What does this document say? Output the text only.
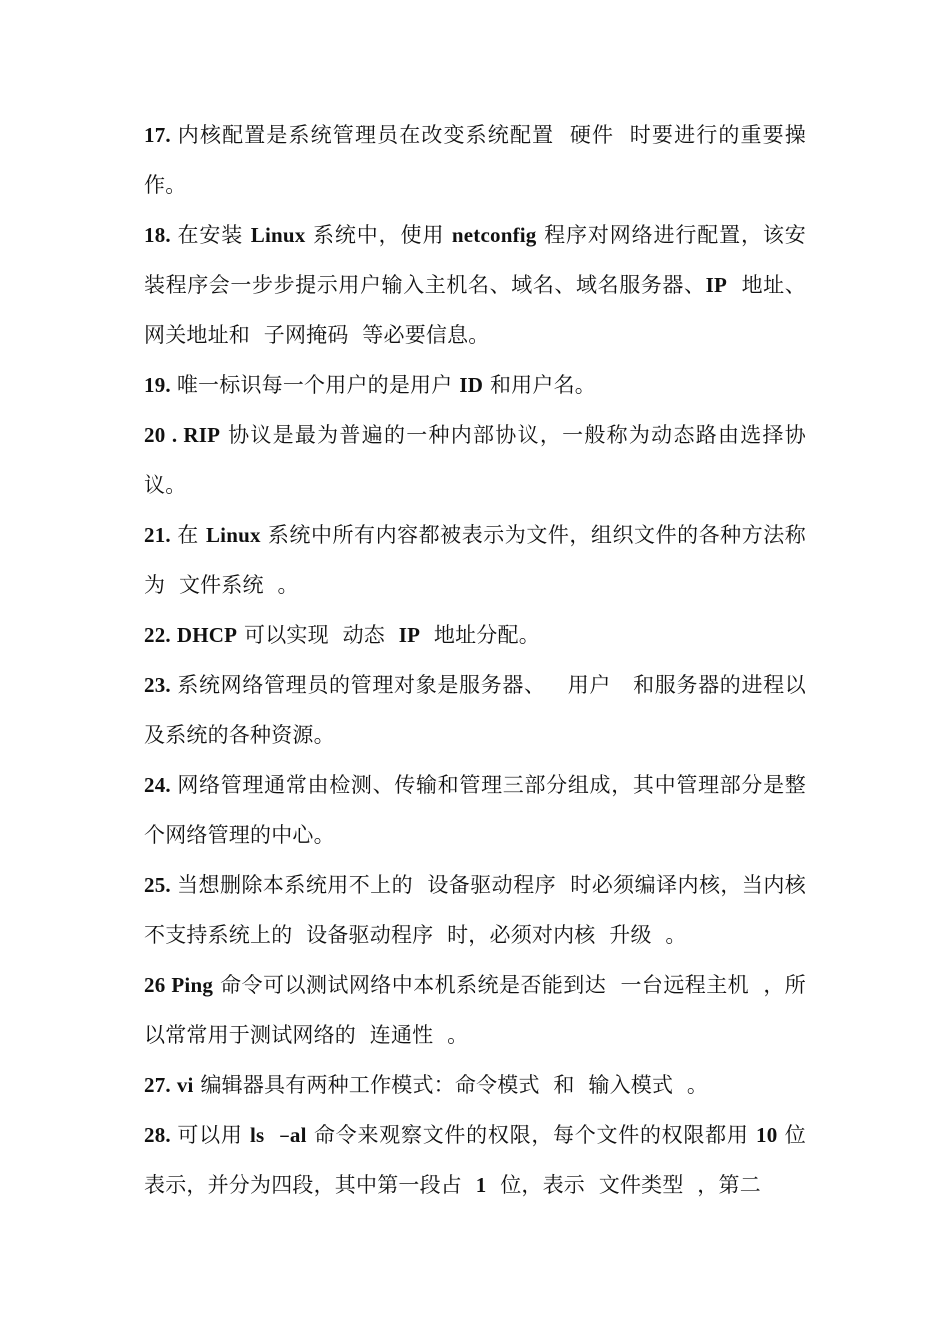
17. 内核配置是系统管理员在改变系统配置  硬件  时要进行的重要操作。

18. 在安装 Linux 系统中，使用 netconfig 程序对网络进行配置，该安装程序会一步步提示用户输入主机名、域名、域名服务器、IP  地址、  网关地址和  子网掩码  等必要信息。

19. 唯一标识每一个用户的是用户 ID 和用户名。

20 . RIP 协议是最为普遍的一种内部协议，一般称为动态路由选择协议。

21. 在 Linux 系统中所有内容都被表示为文件，组织文件的各种方法称为  文件系统  。

22. DHCP 可以实现  动态  IP  地址分配。

23. 系统网络管理员的管理对象是服务器、   用户   和服务器的进程以及系统的各种资源。

24. 网络管理通常由检测、传输和管理三部分组成，其中管理部分是整个网络管理的中心。

25. 当想删除本系统用不上的  设备驱动程序  时必须编译内核，当内核不支持系统上的  设备驱动程序  时，必须对内核  升级  。

26 Ping 命令可以测试网络中本机系统是否能到达  一台远程主机  ，所以常常用于测试网络的  连通性  。

27. vi 编辑器具有两种工作模式：命令模式  和  输入模式  。

28. 可以用 ls  –al 命令来观察文件的权限，每个文件的权限都用 10 位表示，并分为四段，其中第一段占  1  位，表示  文件类型  ，第二
